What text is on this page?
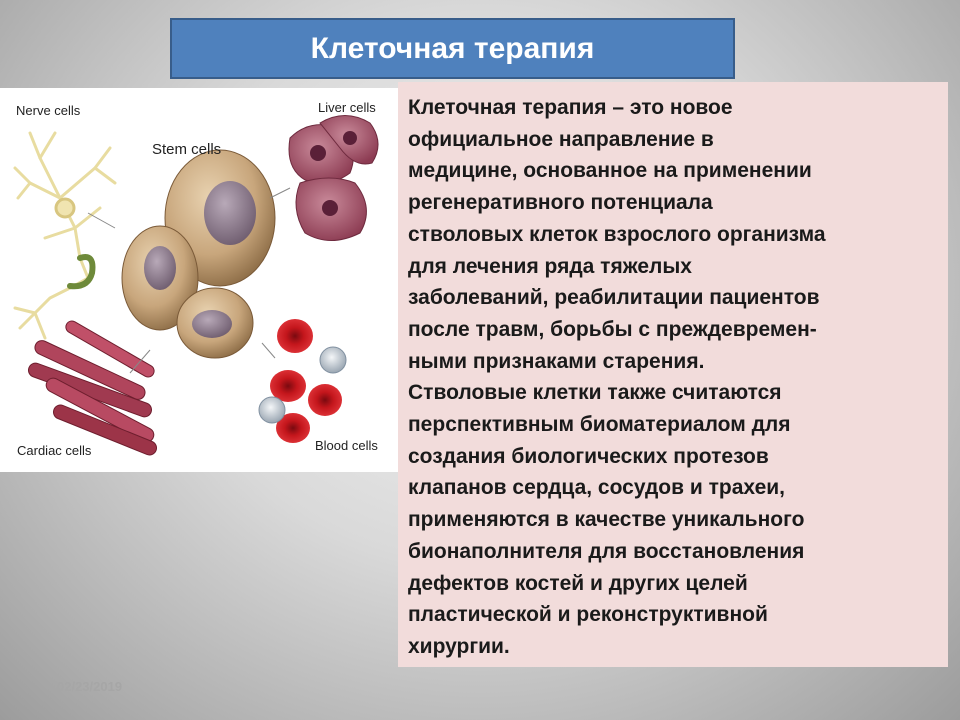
Клеточная терапия
Nerve cells	Liver cells
Stem cells
Cardiac cells	Blood cells

Клеточная терапия – это новое

официальное направление в

медицине, основанное на применении

регенеративного потенциала

стволовых клеток взрослого организма

для лечения ряда тяжелых

заболеваний, реабилитации пациентов

после травм, борьбы с преждевремен-

ными признаками старения.

Стволовые клетки также считаются

перспективным биоматериалом для

создания биологических протезов

клапанов сердца, сосудов и трахеи,

применяются в качестве уникального

бионаполнителя для восстановления

дефектов костей и других целей

пластической и реконструктивной

хирургии.

02/23/2019
